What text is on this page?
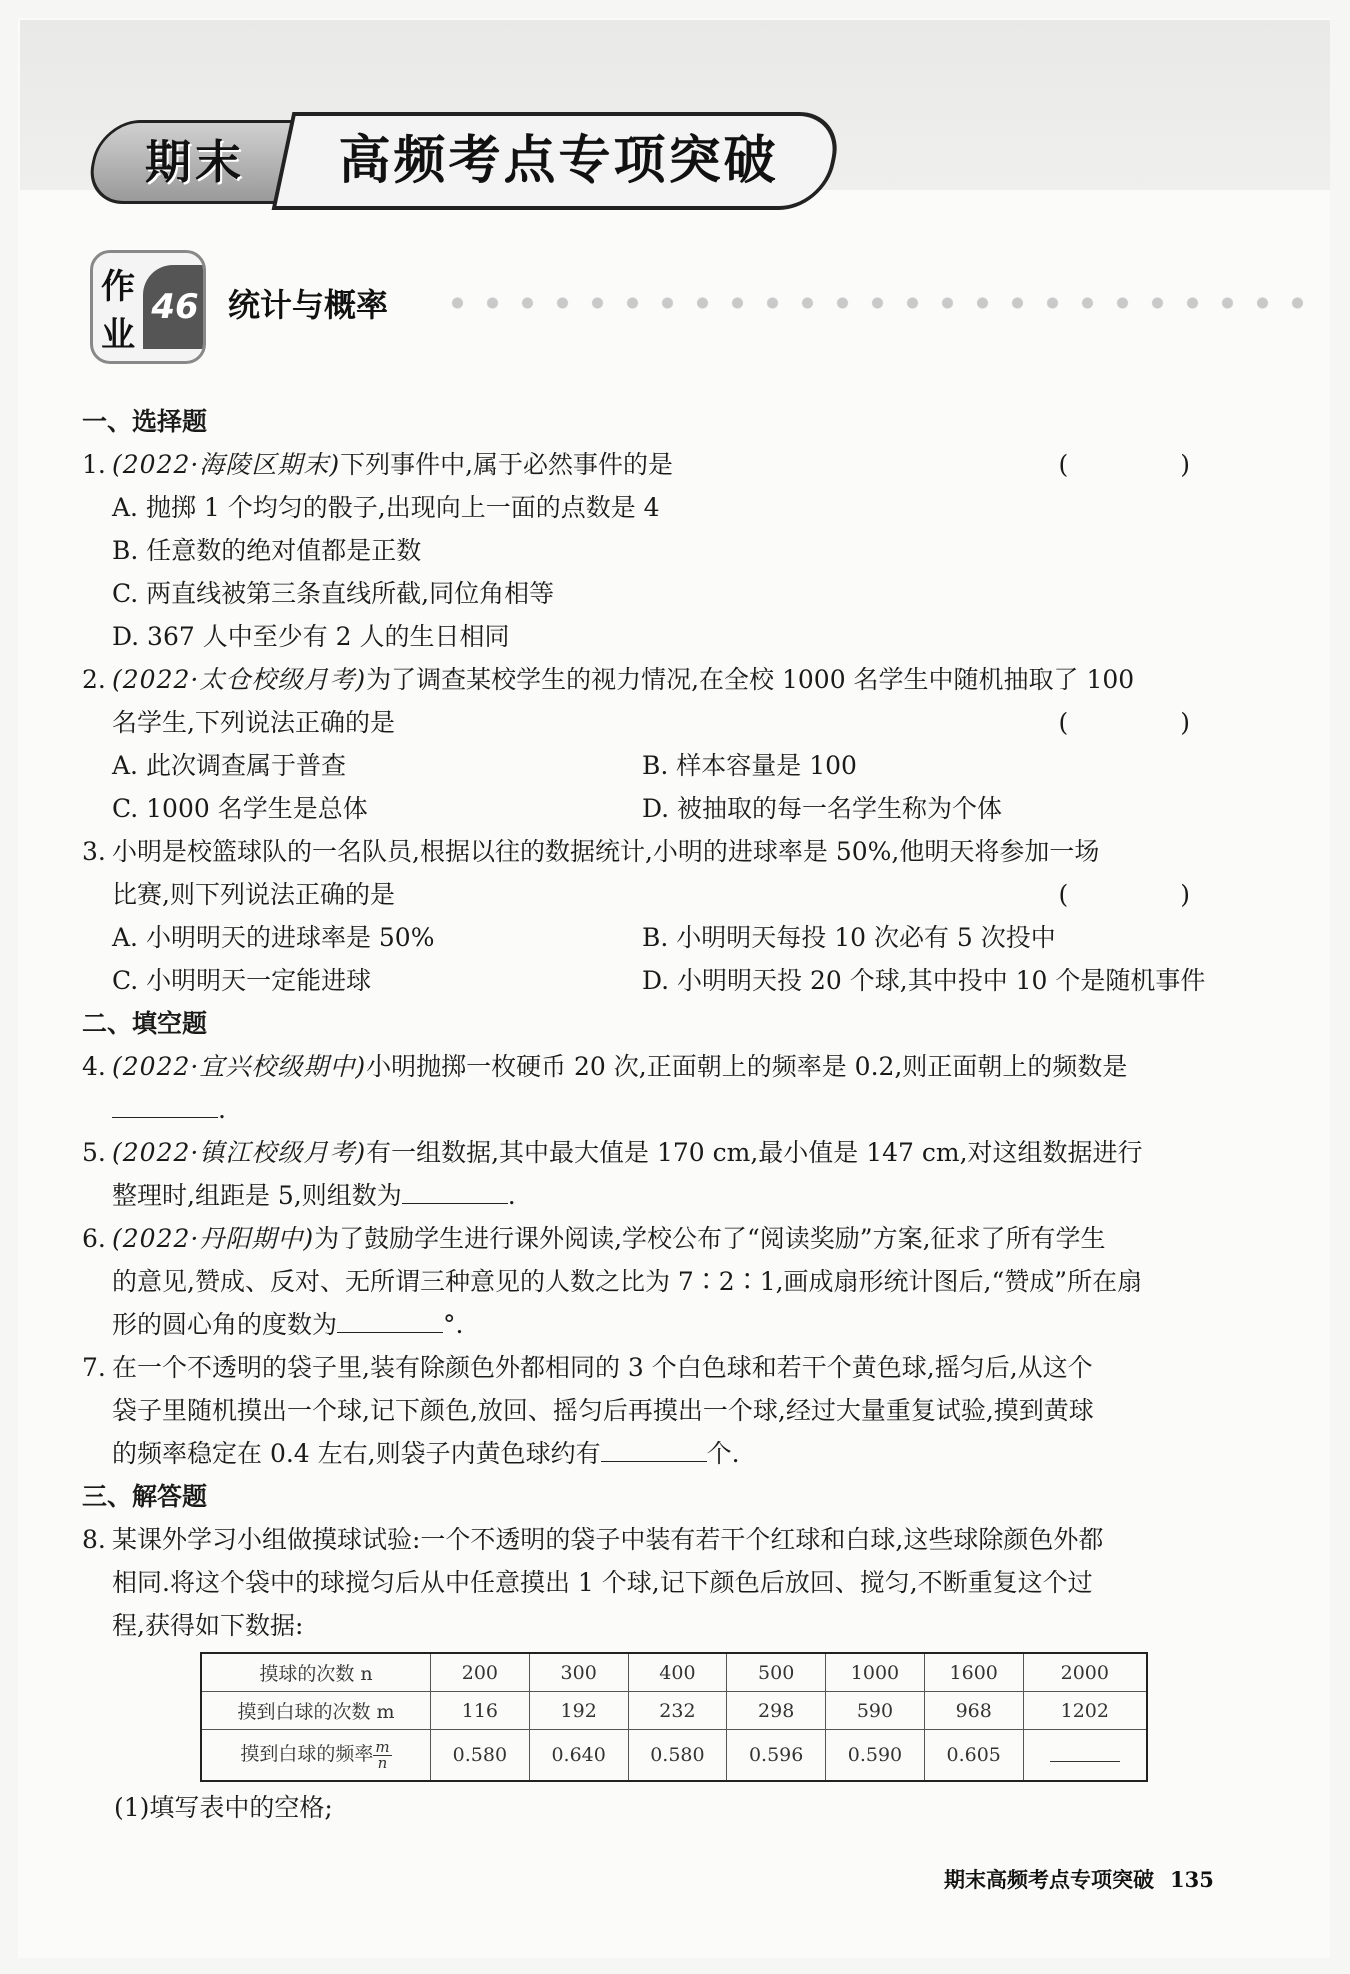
期末	高频考点专项突破
作
业
46 统计与概率
一、选择题
1. (2022·海陵区期末)下列事件中,属于必然事件的是	( )
A. 抛掷 1 个均匀的骰子,出现向上一面的点数是 4
B. 任意数的绝对值都是正数
C. 两直线被第三条直线所截,同位角相等
D. 367 人中至少有 2 人的生日相同
2. (2022·太仓校级月考)为了调查某校学生的视力情况,在全校 1000 名学生中随机抽取了 100
名学生,下列说法正确的是	( )
A. 此次调查属于普查	B. 样本容量是 100
C. 1000 名学生是总体	D. 被抽取的每一名学生称为个体
3. 小明是校篮球队的一名队员,根据以往的数据统计,小明的进球率是 50%,他明天将参加一场
比赛,则下列说法正确的是	( )
A. 小明明天的进球率是 50%	B. 小明明天每投 10 次必有 5 次投中
C. 小明明天一定能进球	D. 小明明天投 20 个球,其中投中 10 个是随机事件
二、填空题
4. (2022·宜兴校级期中)小明抛掷一枚硬币 20 次,正面朝上的频率是 0.2,则正面朝上的频数是
.
5. (2022·镇江校级月考)有一组数据,其中最大值是 170 cm,最小值是 147 cm,对这组数据进行
整理时,组距是 5,则组数为	.
6. (2022·丹阳期中)为了鼓励学生进行课外阅读,学校公布了“阅读奖励”方案,征求了所有学生
的意见,赞成、反对、无所谓三种意见的人数之比为 7∶2∶1,画成扇形统计图后,“赞成”所在扇
形的圆心角的度数为	°.
7. 在一个不透明的袋子里,装有除颜色外都相同的 3 个白色球和若干个黄色球,摇匀后,从这个
袋子里随机摸出一个球,记下颜色,放回、摇匀后再摸出一个球,经过大量重复试验,摸到黄球
的频率稳定在 0.4 左右,则袋子内黄色球约有	个.
三、解答题
8. 某课外学习小组做摸球试验:一个不透明的袋子中装有若干个红球和白球,这些球除颜色外都
相同.将这个袋中的球搅匀后从中任意摸出 1 个球,记下颜色后放回、搅匀,不断重复这个过
程,获得如下数据:
摸球的次数 n	200	300	400	500	1000	1600	2000
摸到白球的次数 m	116	192	232	298	590	968	1202
摸到白球的频率 $\frac{m}{n}$	0.580	0.640	0.580	0.596	0.590	0.605	
(1)填写表中的空格;
期末高频考点专项突破 135
